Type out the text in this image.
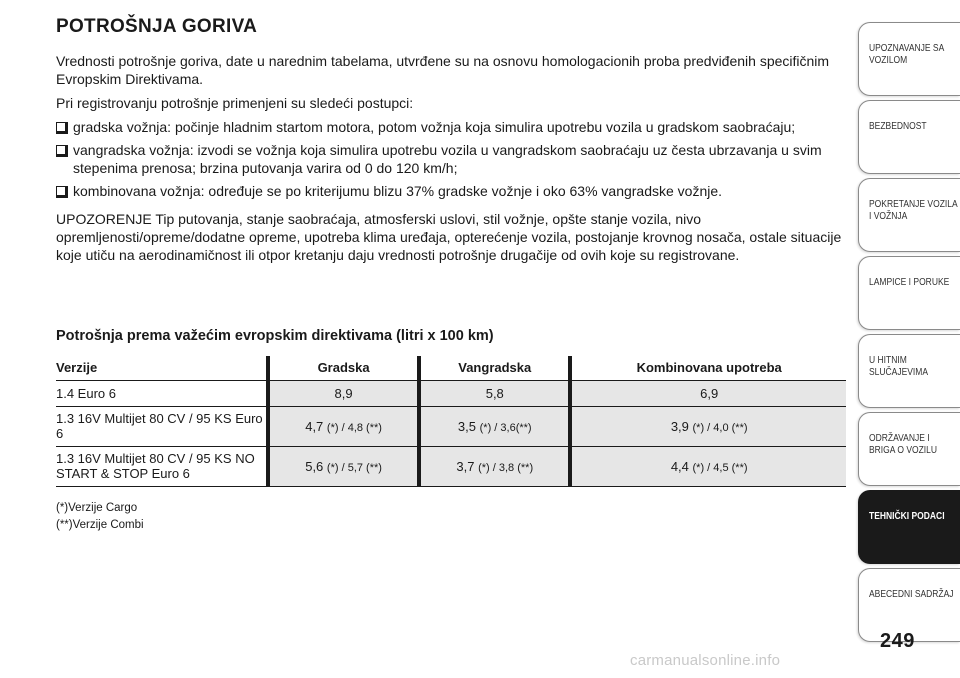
POTROŠNJA GORIVA

Vrednosti potrošnje goriva, date u narednim tabelama, utvrđene su na osnovu homologacionih proba predviđenih specifičnim Evropskim Direktivama.

Pri registrovanju potrošnje primenjeni su sledeći postupci:

gradska vožnja: počinje hladnim startom motora, potom vožnja koja simulira upotrebu vozila u gradskom saobraćaju;
vangradska vožnja: izvodi se vožnja koja simulira upotrebu vozila u vangradskom saobraćaju uz česta ubrzavanja u svim stepenima prenosa; brzina putovanja varira od 0 do 120 km/h;
kombinovana vožnja: određuje se po kriterijumu blizu 37% gradske vožnje i oko 63% vangradske vožnje.

UPOZORENJE Tip putovanja, stanje saobraćaja, atmosferski uslovi, stil vožnje, opšte stanje vozila, nivo opremljenosti/opreme/dodatne opreme, upotreba klima uređaja, opterećenje vozila, postojanje krovnog nosača, ostale situacije koje utiču na aerodinamičnost ili otpor kretanju daju vrednosti potrošnje drugačije od ovih koje su registrovane.

Potrošnja prema važećim evropskim direktivama (litri x 100 km)
Verzije	Gradska	Vangradska	Kombinovana upotreba
1.4 Euro 6	8,9	5,8	6,9
1.3 16V Multijet 80 CV / 95 KS Euro 6	4,7 (*) / 4,8 (**)	3,5 (*) / 3,6(**)	3,9 (*) / 4,0 (**)
1.3 16V Multijet 80 CV / 95 KS NO START & STOP Euro 6	5,6 (*) / 5,7 (**)	3,7 (*) / 3,8 (**)	4,4 (*) / 4,5 (**)
(*)Verzije Cargo
(**)Verzije Combi
UPOZNAVANJE SA
VOZILOM
BEZBEDNOST
POKRETANJE VOZILA
I VOŽNJA
LAMPICE I PORUKE
U HITNIM
SLUČAJEVIMA
ODRŽAVANJE I
BRIGA O VOZILU
TEHNIČKI PODACI
ABECEDNI SADRŽAJ
249
carmanualsonline.info
